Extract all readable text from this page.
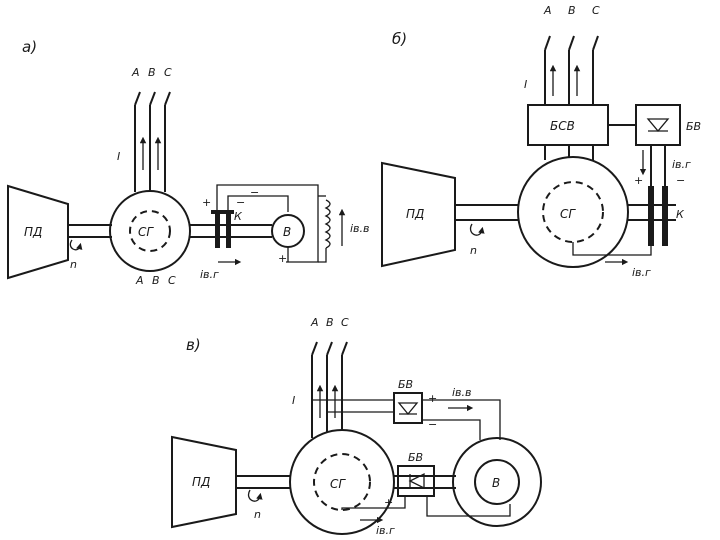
а)
ПД
n
СГ
I
A B C
A B C
К
+ −
iв.г
В
−
+
iв.в
б)
ПД
n
СГ
I
A B C
БСВ	БВ
iв.г
+	−
К
iв.г
в)
ПД
n
СГ
I
A B C
БВ
+
−
iв.в
В
БВ
iв.г
+
